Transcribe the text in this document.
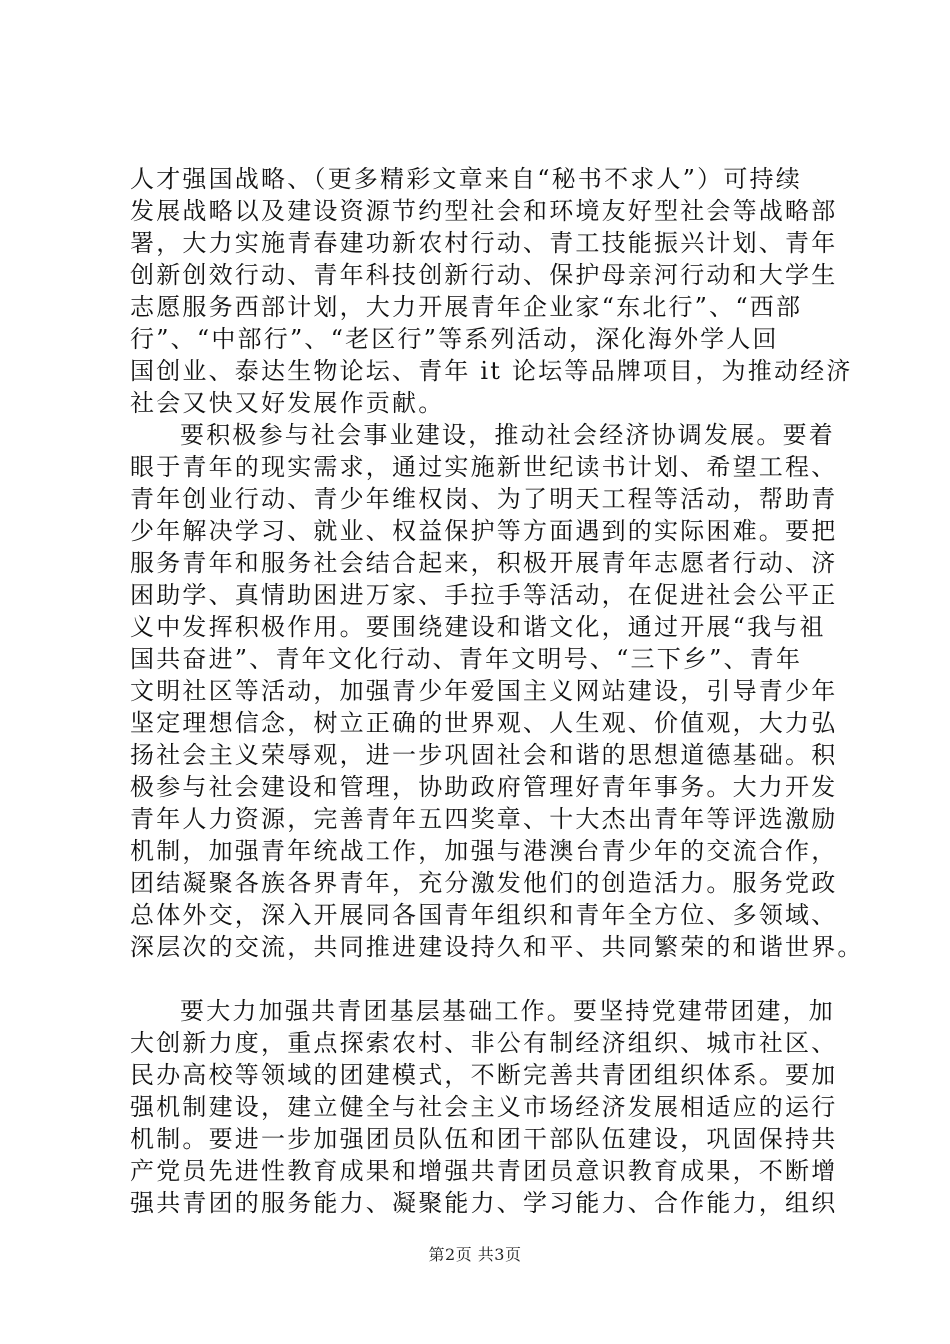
人才强国战略、（更多精彩文章来自“秘书不求人”）可持续
发展战略以及建设资源节约型社会和环境友好型社会等战略部
署，大力实施青春建功新农村行动、青工技能振兴计划、青年
创新创效行动、青年科技创新行动、保护母亲河行动和大学生
志愿服务西部计划，大力开展青年企业家“东北行”、“西部
行”、“中部行”、“老区行”等系列活动，深化海外学人回
国创业、泰达生物论坛、青年 it 论坛等品牌项目，为推动经济
社会又快又好发展作贡献。
要积极参与社会事业建设，推动社会经济协调发展。要着
眼于青年的现实需求，通过实施新世纪读书计划、希望工程、
青年创业行动、青少年维权岗、为了明天工程等活动，帮助青
少年解决学习、就业、权益保护等方面遇到的实际困难。要把
服务青年和服务社会结合起来，积极开展青年志愿者行动、济
困助学、真情助困进万家、手拉手等活动，在促进社会公平正
义中发挥积极作用。要围绕建设和谐文化，通过开展“我与祖
国共奋进”、青年文化行动、青年文明号、“三下乡”、青年
文明社区等活动，加强青少年爱国主义网站建设，引导青少年
坚定理想信念，树立正确的世界观、人生观、价值观，大力弘
扬社会主义荣辱观，进一步巩固社会和谐的思想道德基础。积
极参与社会建设和管理，协助政府管理好青年事务。大力开发
青年人力资源，完善青年五四奖章、十大杰出青年等评选激励
机制，加强青年统战工作，加强与港澳台青少年的交流合作，
团结凝聚各族各界青年，充分激发他们的创造活力。服务党政
总体外交，深入开展同各国青年组织和青年全方位、多领域、
深层次的交流，共同推进建设持久和平、共同繁荣的和谐世界。
要大力加强共青团基层基础工作。要坚持党建带团建，加
大创新力度，重点探索农村、非公有制经济组织、城市社区、
民办高校等领域的团建模式，不断完善共青团组织体系。要加
强机制建设，建立健全与社会主义市场经济发展相适应的运行
机制。要进一步加强团员队伍和团干部队伍建设，巩固保持共
产党员先进性教育成果和增强共青团员意识教育成果，不断增
强共青团的服务能力、凝聚能力、学习能力、合作能力，组织
第2页 共3页
